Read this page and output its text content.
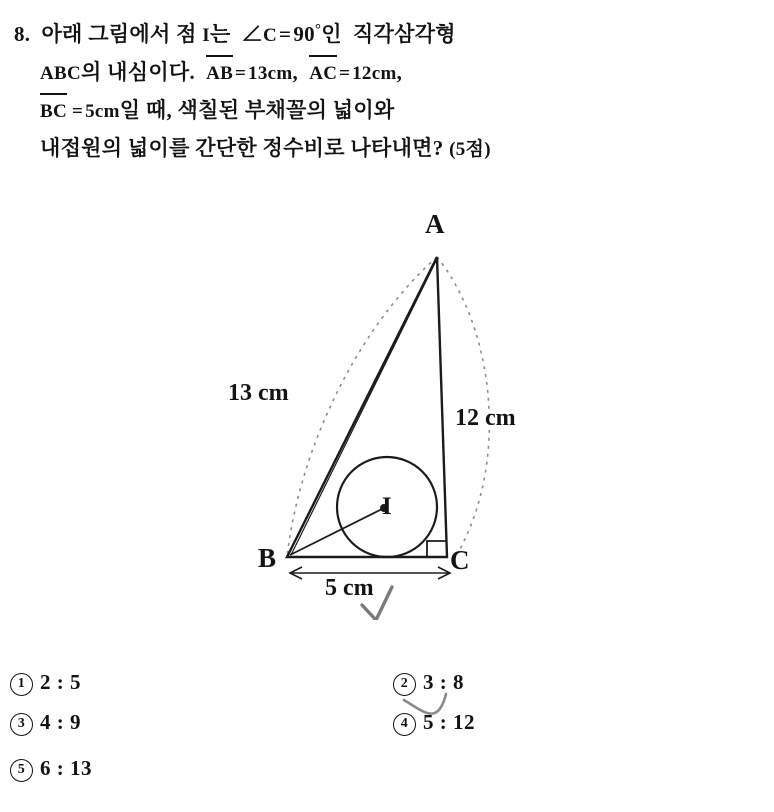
8.  아래 그림에서 점 I는  ∠C = 90°인  직각삼각형
ABC의 내심이다.  AB = 13cm,  AC = 12cm,
BC = 5cm일 때, 색칠된 부채꼴의 넓이와
내접원의 넓이를 간단한 정수비로 나타내면? (5점)
A
B	C
I
13 cm
12 cm
5 cm
1 2 : 5	2 3 : 8
3 4 : 9	4 5 : 12
5 6 : 13
